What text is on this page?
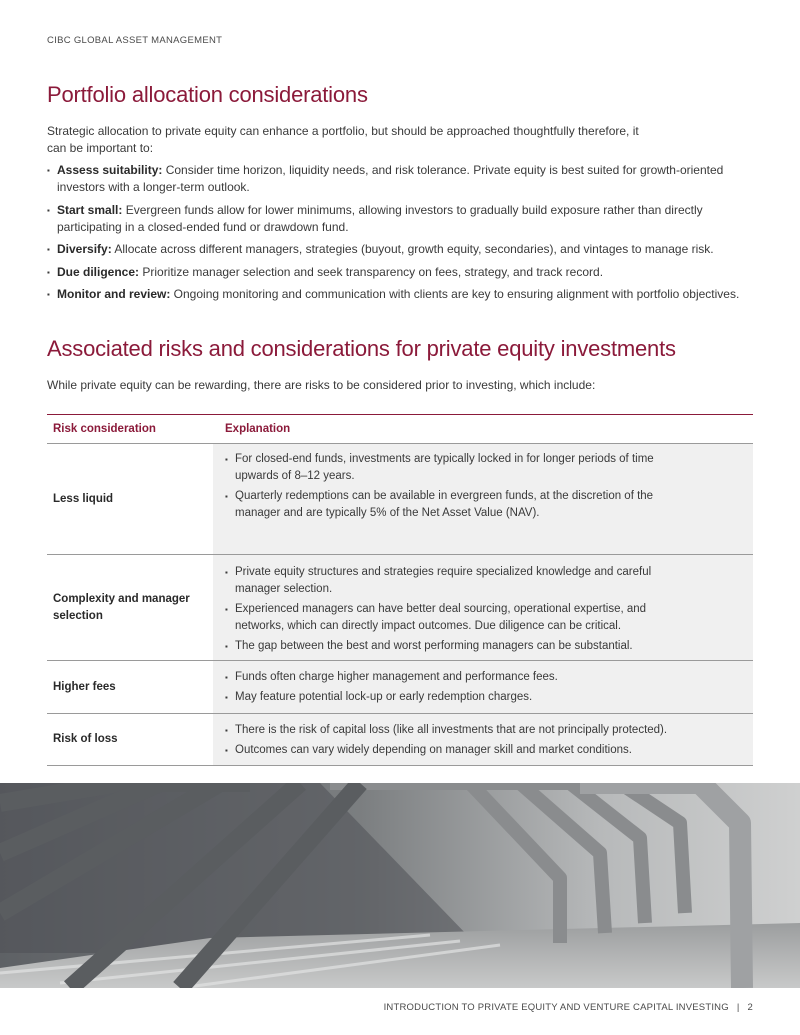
CIBC GLOBAL ASSET MANAGEMENT
Portfolio allocation considerations

Strategic allocation to private equity can enhance a portfolio, but should be approached thoughtfully therefore, it can be important to:

▪ Assess suitability: Consider time horizon, liquidity needs, and risk tolerance. Private equity is best suited for growth-oriented investors with a longer-term outlook.
▪ Start small: Evergreen funds allow for lower minimums, allowing investors to gradually build exposure rather than directly participating in a closed-ended fund or drawdown fund.
▪ Diversify: Allocate across different managers, strategies (buyout, growth equity, secondaries), and vintages to manage risk.
▪ Due diligence: Prioritize manager selection and seek transparency on fees, strategy, and track record.
▪ Monitor and review: Ongoing monitoring and communication with clients are key to ensuring alignment with portfolio objectives.
Associated risks and considerations for private equity investments

While private equity can be rewarding, there are risks to be considered prior to investing, which include:

Risk consideration	Explanation
Less liquid
▪ For closed-end funds, investments are typically locked in for longer periods of time upwards of 8–12 years.
▪ Quarterly redemptions can be available in evergreen funds, at the discretion of the manager and are typically 5% of the Net Asset Value (NAV).
Complexity and manager selection
▪ Private equity structures and strategies require specialized knowledge and careful manager selection.
▪ Experienced managers can have better deal sourcing, operational expertise, and networks, which can directly impact outcomes. Due diligence can be critical.
▪ The gap between the best and worst performing managers can be substantial.
Higher fees
▪ Funds often charge higher management and performance fees.
▪ May feature potential lock-up or early redemption charges.
Risk of loss
▪ There is the risk of capital loss (like all investments that are not principally protected).
▪ Outcomes can vary widely depending on manager skill and market conditions.
INTRODUCTION TO PRIVATE EQUITY AND VENTURE CAPITAL INVESTING | 2
